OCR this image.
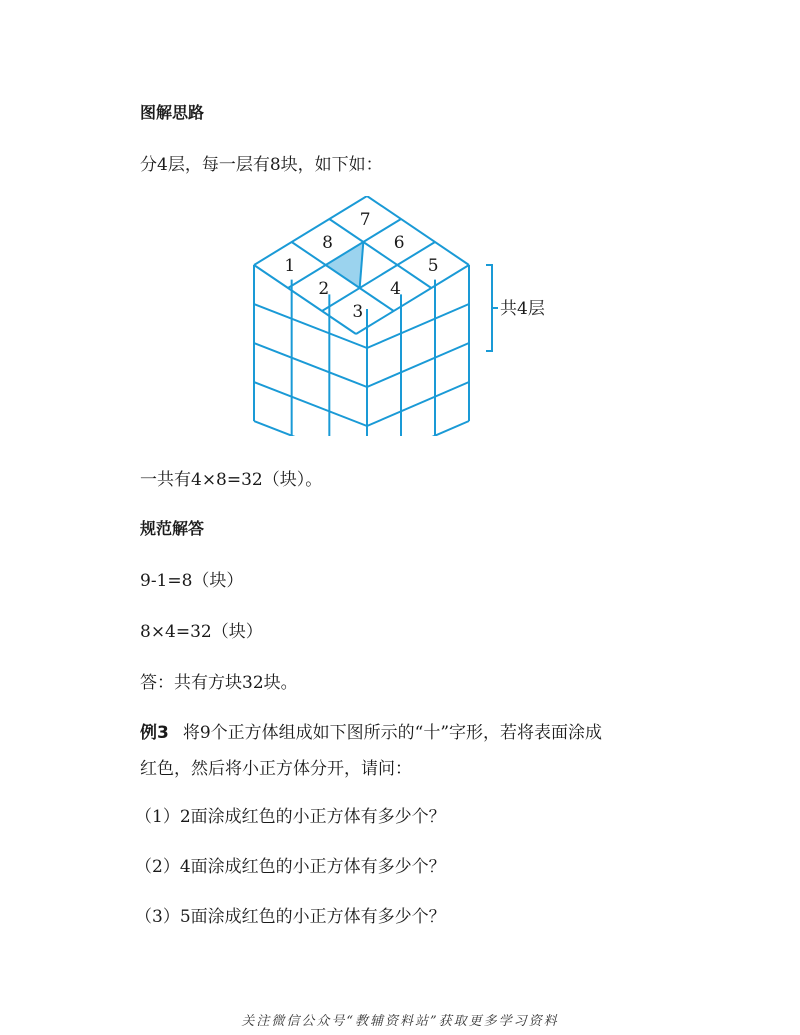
图解思路
分4层，每一层有8块，如下如：
1
2
3
4
5
6
7
8
共4层
一共有4×8=32（块）。
规范解答
9-1=8（块）
8×4=32（块）
答：共有方块32块。
例3 将9个正方体组成如下图所示的“十”字形，若将表面涂成
红色，然后将小正方体分开，请问：
（1）2面涂成红色的小正方体有多少个？
（2）4面涂成红色的小正方体有多少个？
（3）5面涂成红色的小正方体有多少个？
关注微信公众号“教辅资料站”获取更多学习资料
